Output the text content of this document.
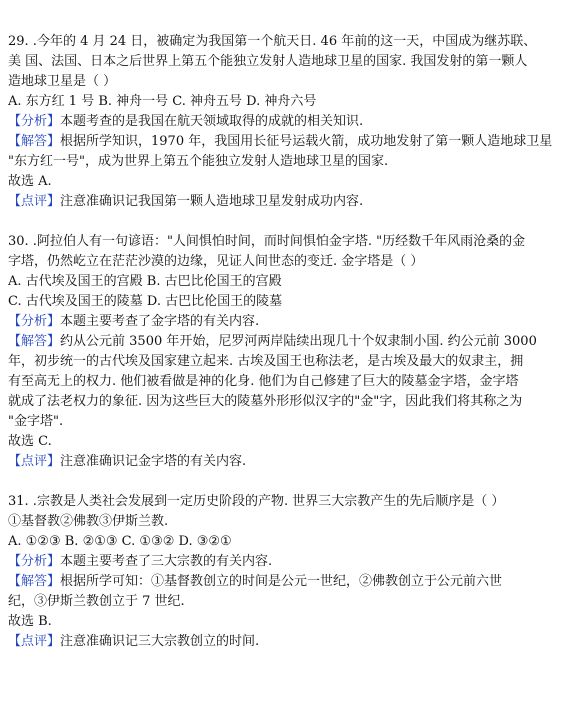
29. .今年的 4 月 24 日，被确定为我国第一个航天日. 46 年前的这一天，中国成为继苏联、
美 国、法国、日本之后世界上第五个能独立发射人造地球卫星的国家. 我国发射的第一颗人
造地球卫星是（ ）
A. 东方红 1 号 B. 神舟一号 C. 神舟五号 D. 神舟六号
【分析】本题考查的是我国在航天领域取得的成就的相关知识.
【解答】根据所学知识，1970 年，我国用长征号运载火箭，成功地发射了第一颗人造地球卫星
"东方红一号"，成为世界上第五个能独立发射人造地球卫星的国家.
故选 A.
【点评】注意准确识记我国第一颗人造地球卫星发射成功内容.
30. .阿拉伯人有一句谚语："人间惧怕时间，而时间惧怕金字塔. "历经数千年风雨沧桑的金
字塔，仍然屹立在茫茫沙漠的边缘，见证人间世态的变迁. 金字塔是（ ）
A. 古代埃及国王的宫殿 B. 古巴比伦国王的宫殿
C. 古代埃及国王的陵墓 D. 古巴比伦国王的陵墓
【分析】本题主要考查了金字塔的有关内容.
【解答】约从公元前 3500 年开始，尼罗河两岸陆续出现几十个奴隶制小国. 约公元前 3000
年，初步统一的古代埃及国家建立起来. 古埃及国王也称法老，是古埃及最大的奴隶主，拥
有至高无上的权力. 他们被看做是神的化身. 他们为自己修建了巨大的陵墓金字塔，金字塔
就成了法老权力的象征. 因为这些巨大的陵墓外形形似汉字的"金"字，因此我们将其称之为
"金字塔".
故选 C.
【点评】注意准确识记金字塔的有关内容.
31. .宗教是人类社会发展到一定历史阶段的产物. 世界三大宗教产生的先后顺序是（ ）
①基督教②佛教③伊斯兰教.
A. ①②③ B. ②①③ C. ①③② D. ③②①
【分析】本题主要考查了三大宗教的有关内容.
【解答】根据所学可知：①基督教创立的时间是公元一世纪，②佛教创立于公元前六世
纪，③伊斯兰教创立于 7 世纪.
故选 B.
【点评】注意准确识记三大宗教创立的时间.
